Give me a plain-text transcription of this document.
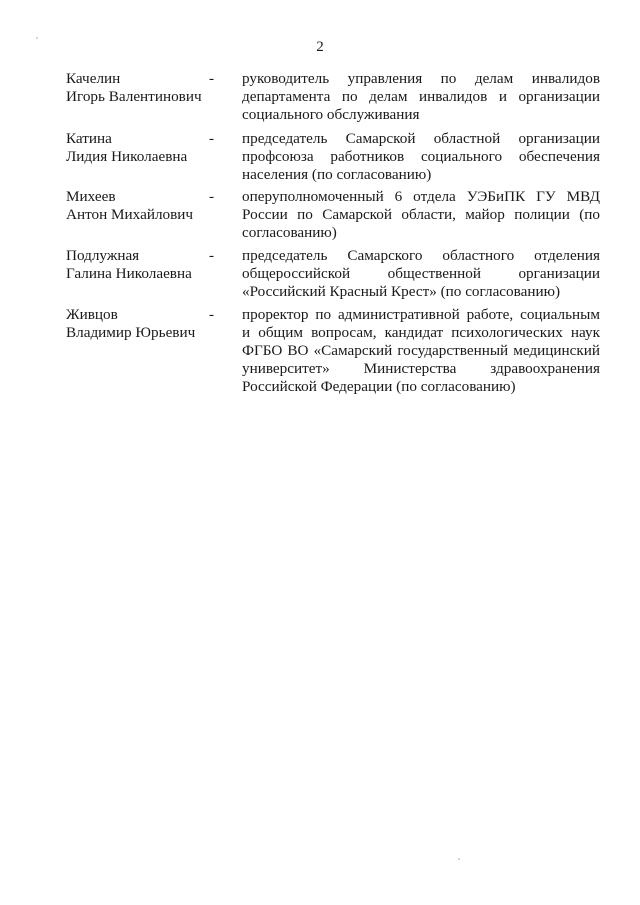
2
Качелин
Игорь Валентинович
-	руководитель управления по делам инвалидов
департамента по делам инвалидов и организации
социального обслуживания
Катина
Лидия Николаевна
-	председатель Самарской областной организации
профсоюза работников социального обеспечения
населения (по согласованию)
Михеев
Антон Михайлович
-	оперуполномоченный 6 отдела УЭБиПК ГУ МВД
России по Самарской области, майор полиции (по
согласованию)
Подлужная
Галина Николаевна
-	председатель Самарского областного отделения
общероссийской общественной организации
«Российский Красный Крест» (по согласованию)
Живцов
Владимир Юрьевич
-	проректор по административной работе, социальным
и общим вопросам, кандидат психологических наук
ФГБО ВО «Самарский государственный медицинский
университет» Министерства здравоохранения
Российской Федерации (по согласованию)
